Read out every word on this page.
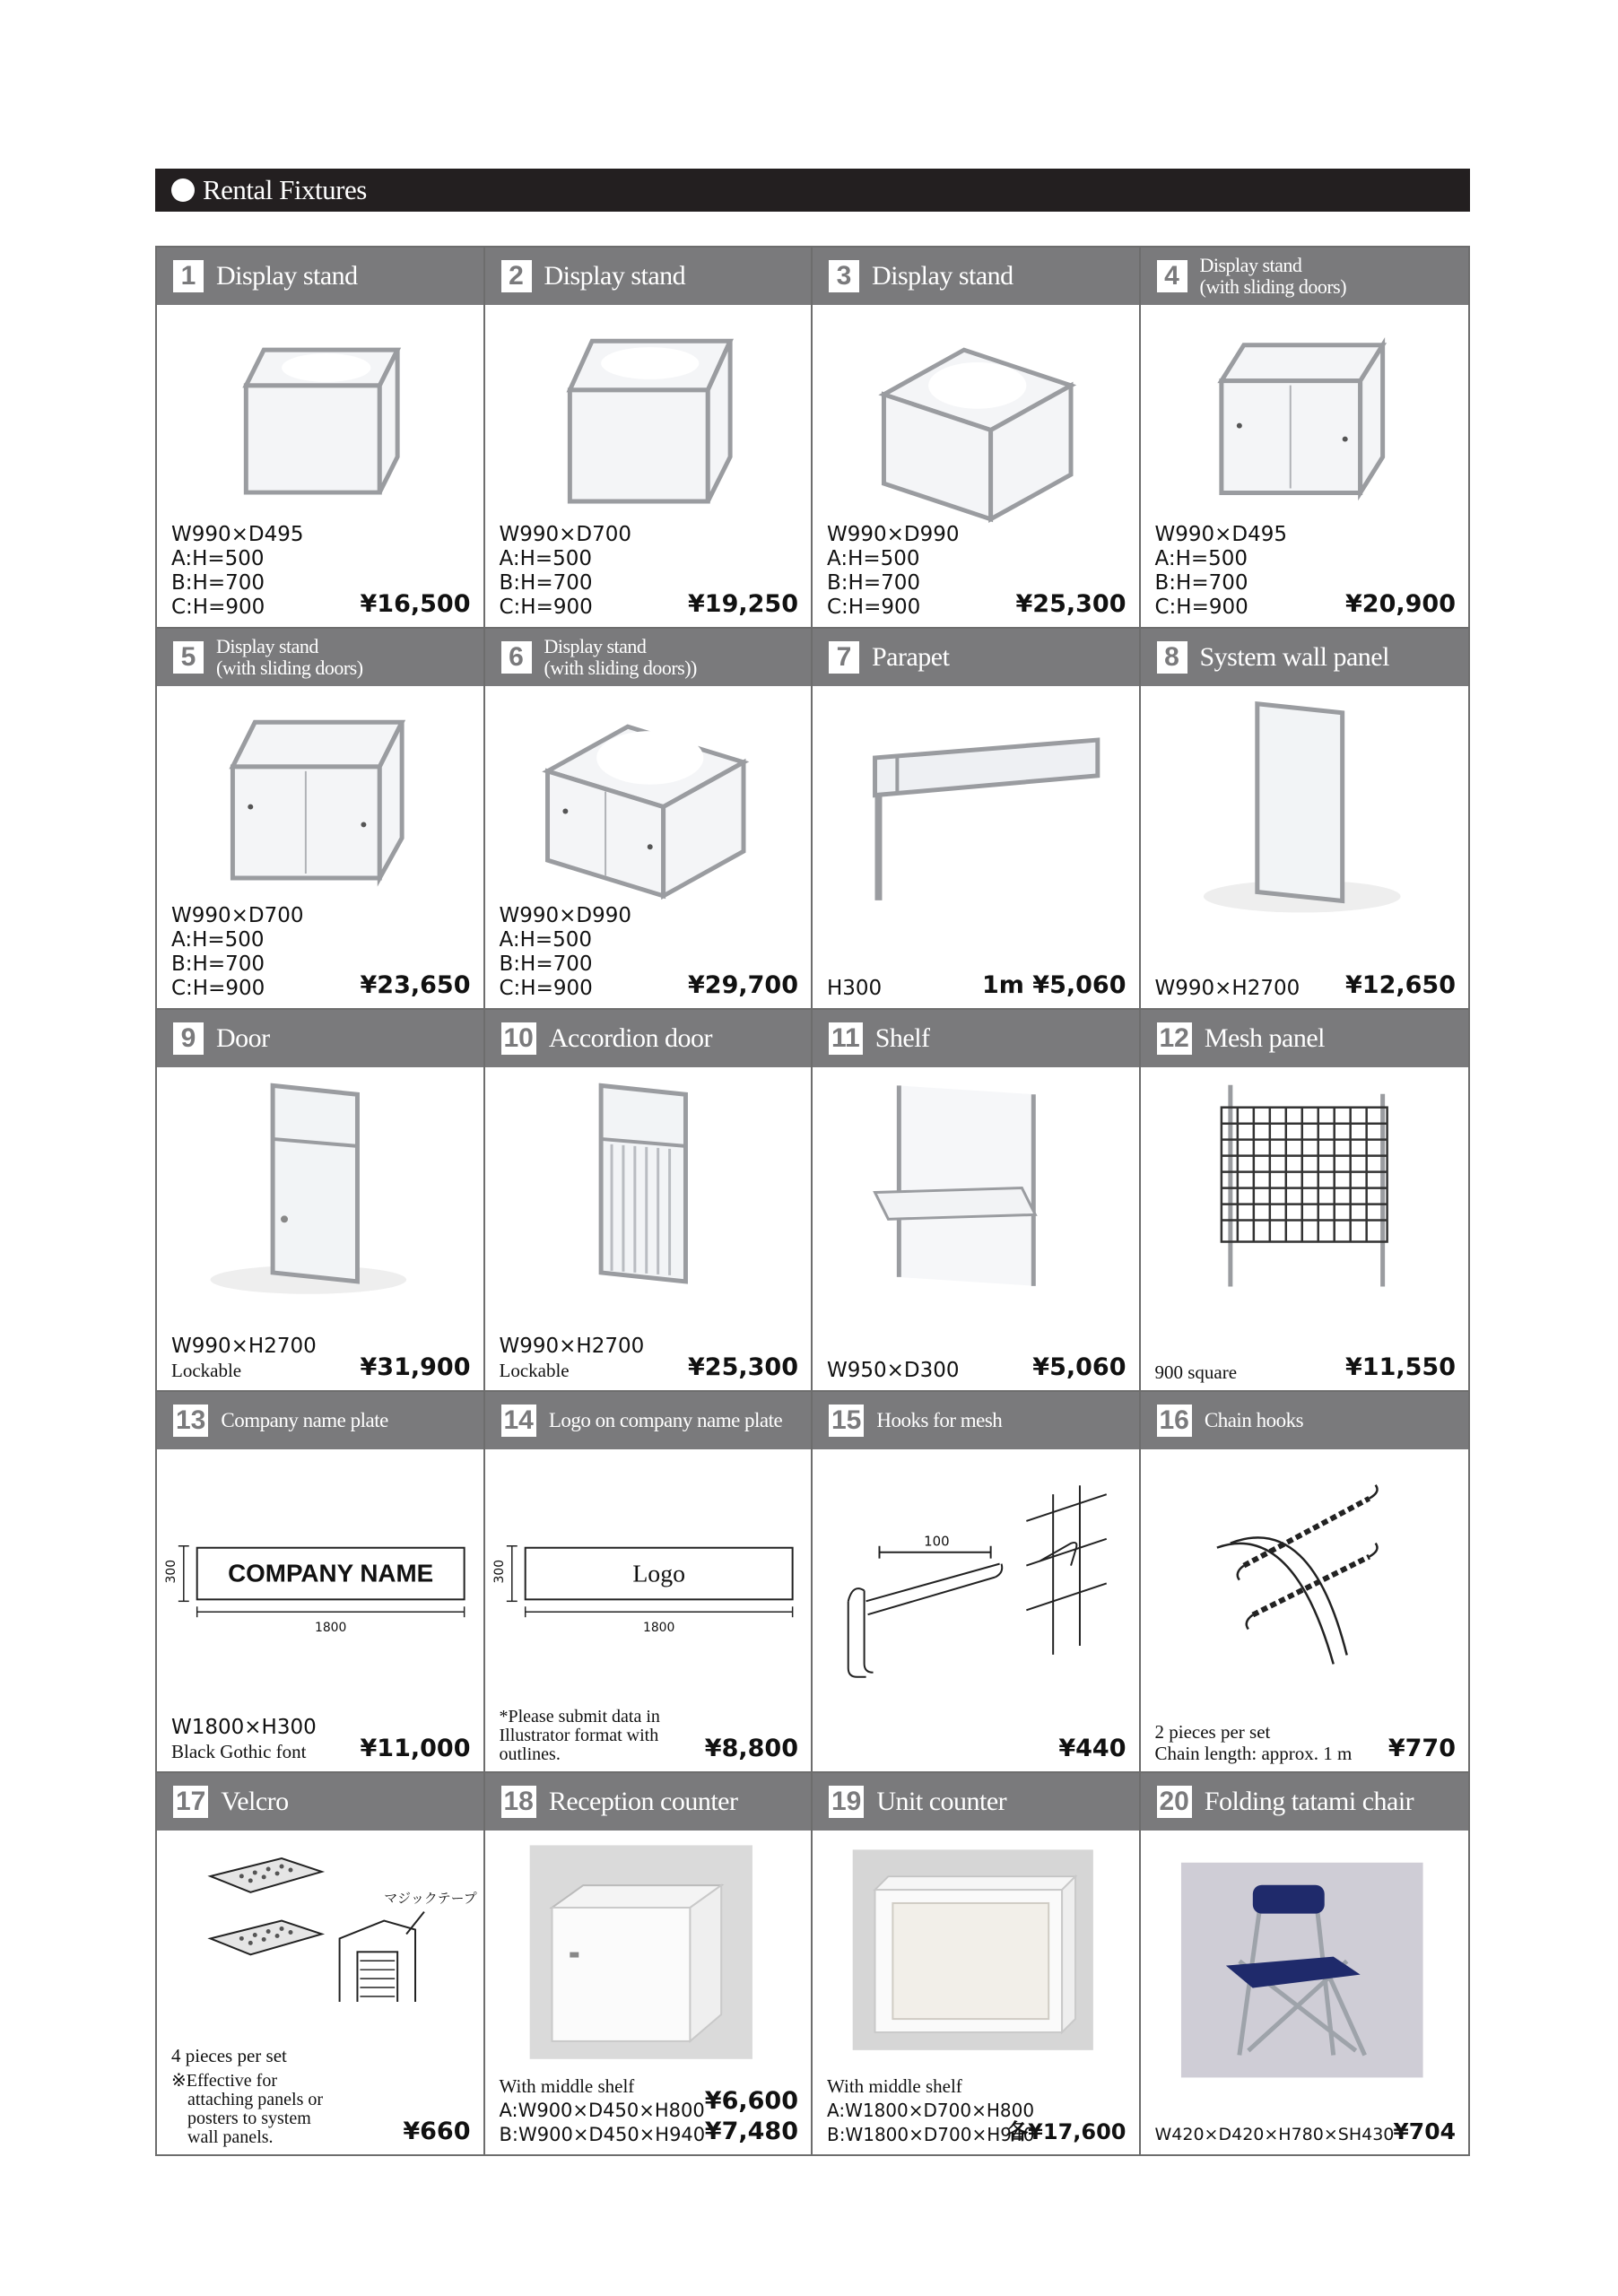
Rental Fixtures
1 Display stand
W990×D495
A:H=500
B:H=700
C:H=900	¥16,500
2 Display stand
W990×D700
A:H=500
B:H=700
C:H=900	¥19,250
3 Display stand
W990×D990
A:H=500
B:H=700
C:H=900	¥25,300
4	Display stand
(with sliding doors)
W990×D495
A:H=500
B:H=700
C:H=900	¥20,900
5	Display stand
(with sliding doors)
W990×D700
A:H=500
B:H=700
C:H=900	¥23,650
6	Display stand
(with sliding doors))
W990×D990
A:H=500
B:H=700
C:H=900	¥29,700
7 Parapet
H300	1m ¥5,060
8 System wall panel
W990×H2700 ¥12,650
9 Door
W990×H2700
Lockable	¥31,900
10 Accordion door
W990×H2700
Lockable	¥25,300
11 Shelf
W950×D300	¥5,060
12 Mesh panel
900 square	¥11,550
13 Company name plate
COMPANY NAME
300
1800
W1800×H300
Black Gothic font	¥11,000
14 Logo on company name plate
Logo
300
1800
*Please submit data in
Illustrator format with
outlines.	¥8,800
15 Hooks for mesh
100
¥440
16 Chain hooks
2 pieces per set
Chain length: approx. 1 m ¥770
17 Velcro
マジックテープ
4 pieces per set
※Effective for
attaching panels or
posters to system
wall panels.	¥660
18 Reception counter
With middle shelf
A:W900×D450×H800
B:W900×D450×H940
¥6,600
¥7,480
19 Unit counter
With middle shelf
A:W1800×D700×H800
B:W1800×D700×H940
各¥17,600
20 Folding tatami chair
W420×D420×H780×SH430 ¥704
